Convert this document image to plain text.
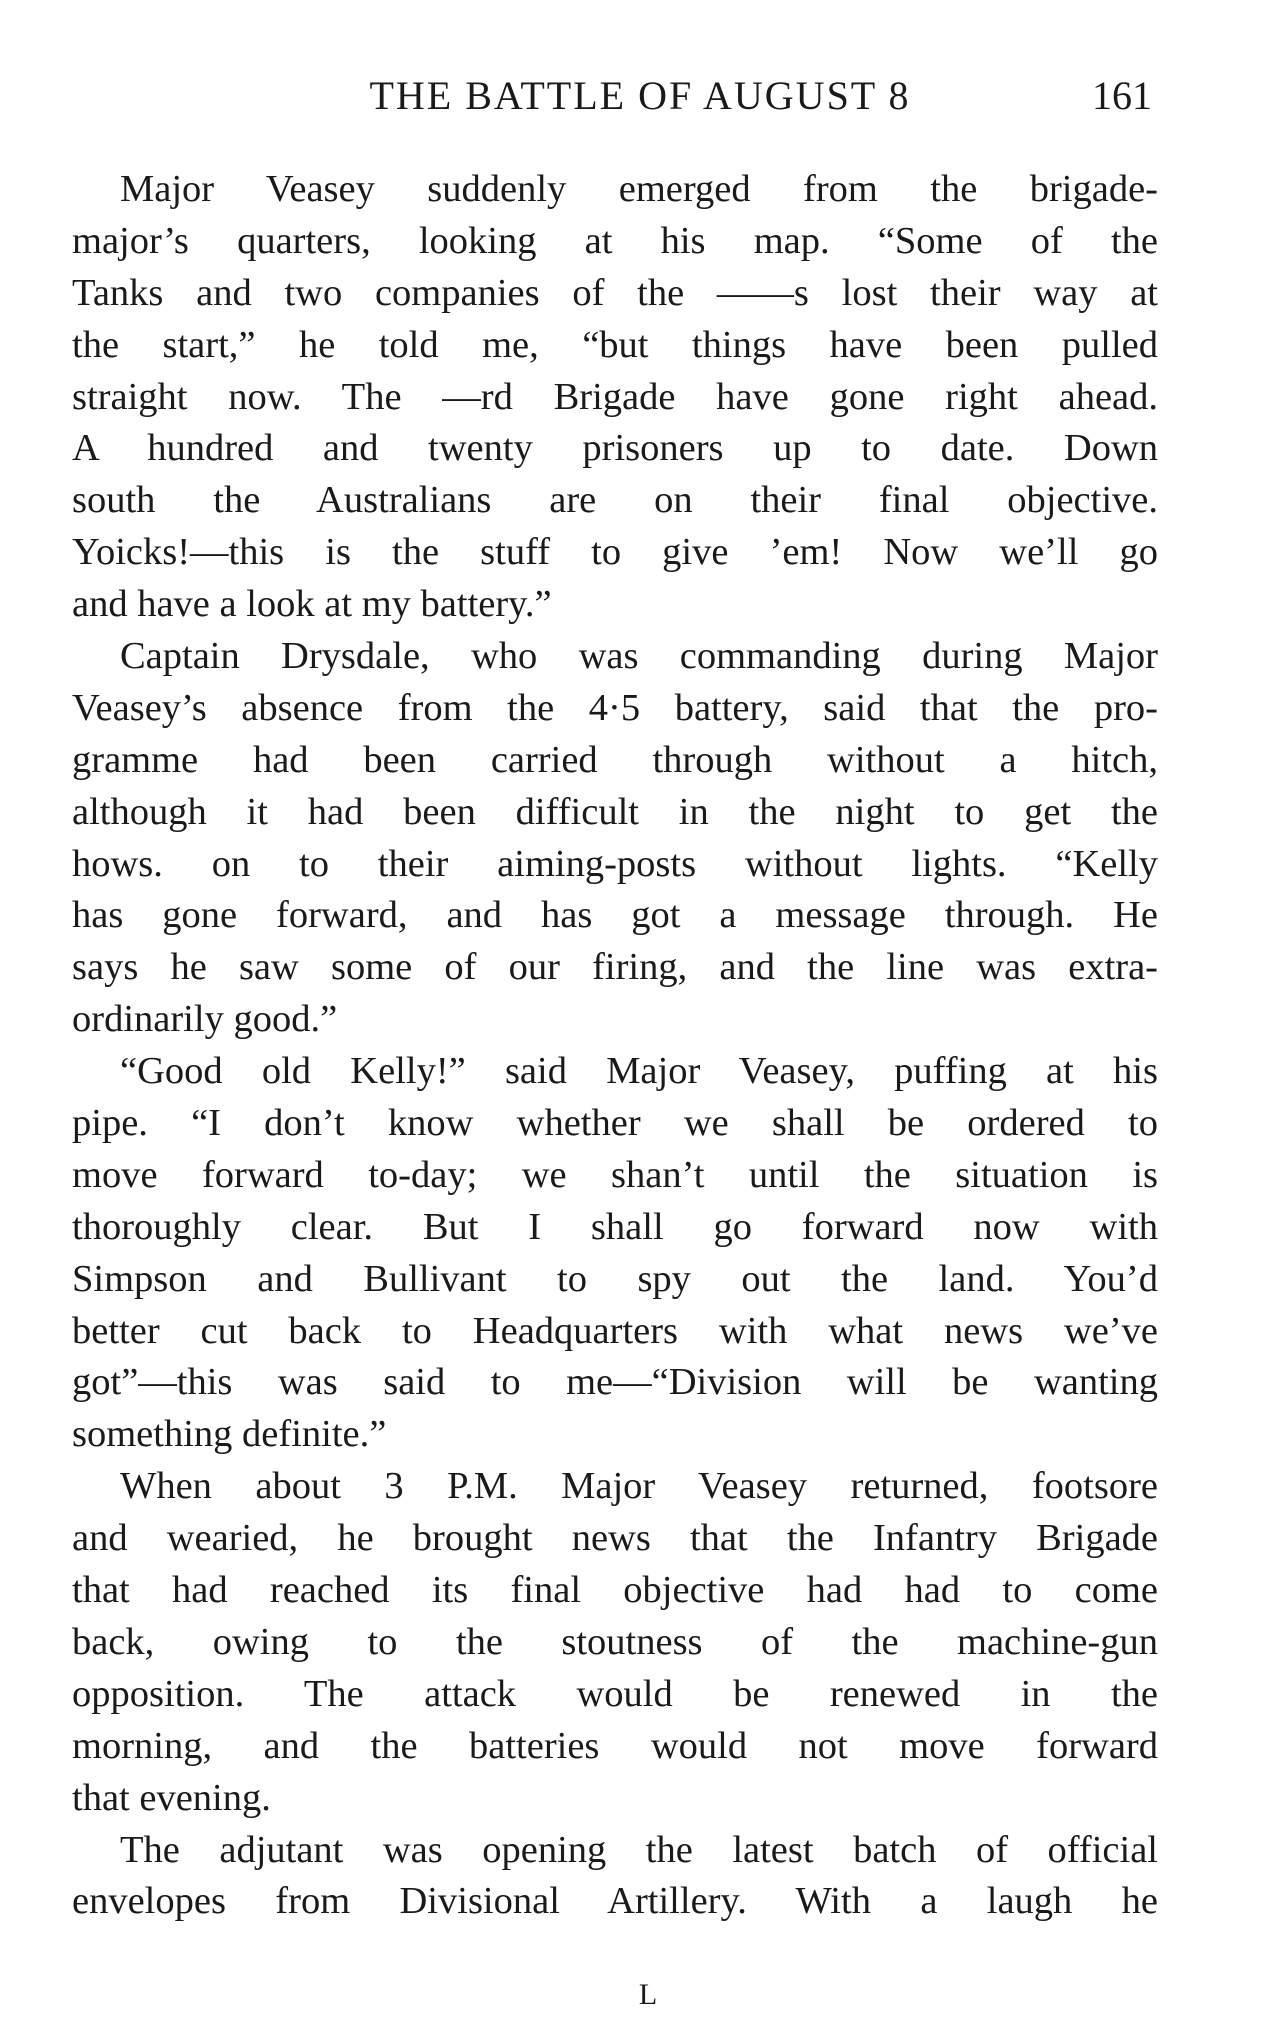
THE BATTLE OF AUGUST 8	161
Major Veasey suddenly emerged from the brigade-
major’s quarters, looking at his map. “Some of the
Tanks and two companies of the ——s lost their way at
the start,” he told me, “but things have been pulled
straight now. The —rd Brigade have gone right ahead.
A hundred and twenty prisoners up to date. Down
south the Australians are on their final objective.
Yoicks!—this is the stuff to give ’em! Now we’ll go
and have a look at my battery.”
Captain Drysdale, who was commanding during Major
Veasey’s absence from the 4·5 battery, said that the pro-
gramme had been carried through without a hitch,
although it had been difficult in the night to get the
hows. on to their aiming-posts without lights. “Kelly
has gone forward, and has got a message through. He
says he saw some of our firing, and the line was extra-
ordinarily good.”
“Good old Kelly!” said Major Veasey, puffing at his
pipe. “I don’t know whether we shall be ordered to
move forward to-day; we shan’t until the situation is
thoroughly clear. But I shall go forward now with
Simpson and Bullivant to spy out the land. You’d
better cut back to Headquarters with what news we’ve
got”—this was said to me—“Division will be wanting
something definite.”
When about 3 P.M. Major Veasey returned, footsore
and wearied, he brought news that the Infantry Brigade
that had reached its final objective had had to come
back, owing to the stoutness of the machine-gun
opposition. The attack would be renewed in the
morning, and the batteries would not move forward
that evening.
The adjutant was opening the latest batch of official
envelopes from Divisional Artillery. With a laugh he
L
